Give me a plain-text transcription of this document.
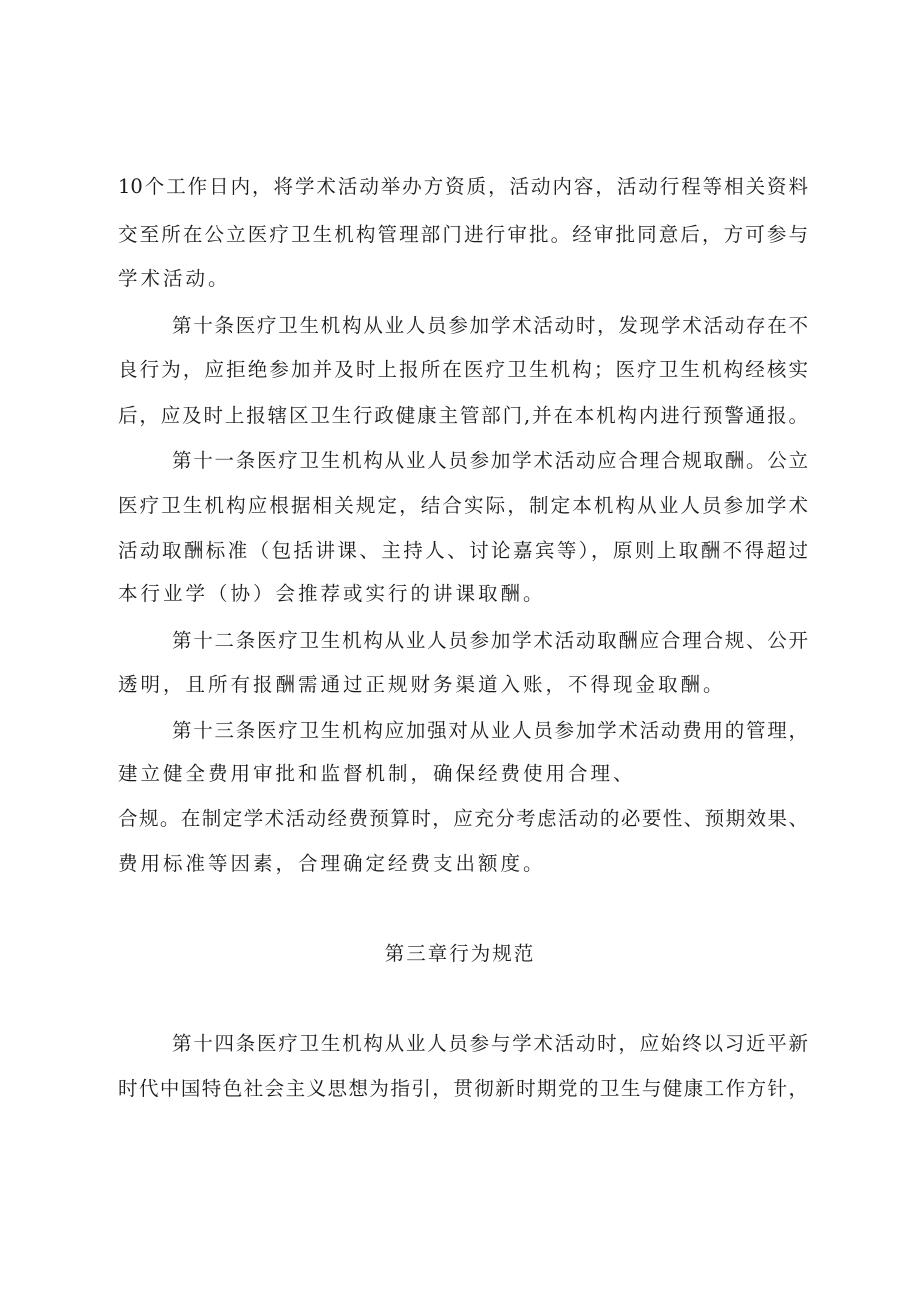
10个工作日内，将学术活动举办方资质，活动内容，活动行程等相关资料
交至所在公立医疗卫生机构管理部门进行审批。经审批同意后，方可参与
学术活动。
第十条医疗卫生机构从业人员参加学术活动时，发现学术活动存在不
良行为，应拒绝参加并及时上报所在医疗卫生机构；医疗卫生机构经核实
后，应及时上报辖区卫生行政健康主管部门,并在本机构内进行预警通报。
第十一条医疗卫生机构从业人员参加学术活动应合理合规取酬。公立
医疗卫生机构应根据相关规定，结合实际，制定本机构从业人员参加学术
活动取酬标准（包括讲课、主持人、讨论嘉宾等），原则上取酬不得超过
本行业学（协）会推荐或实行的讲课取酬。
第十二条医疗卫生机构从业人员参加学术活动取酬应合理合规、公开
透明，且所有报酬需通过正规财务渠道入账，不得现金取酬。
第十三条医疗卫生机构应加强对从业人员参加学术活动费用的管理，
建立健全费用审批和监督机制，确保经费使用合理、
合规。在制定学术活动经费预算时，应充分考虑活动的必要性、预期效果、
费用标准等因素，合理确定经费支出额度。
第三章行为规范
第十四条医疗卫生机构从业人员参与学术活动时，应始终以习近平新
时代中国特色社会主义思想为指引，贯彻新时期党的卫生与健康工作方针，
